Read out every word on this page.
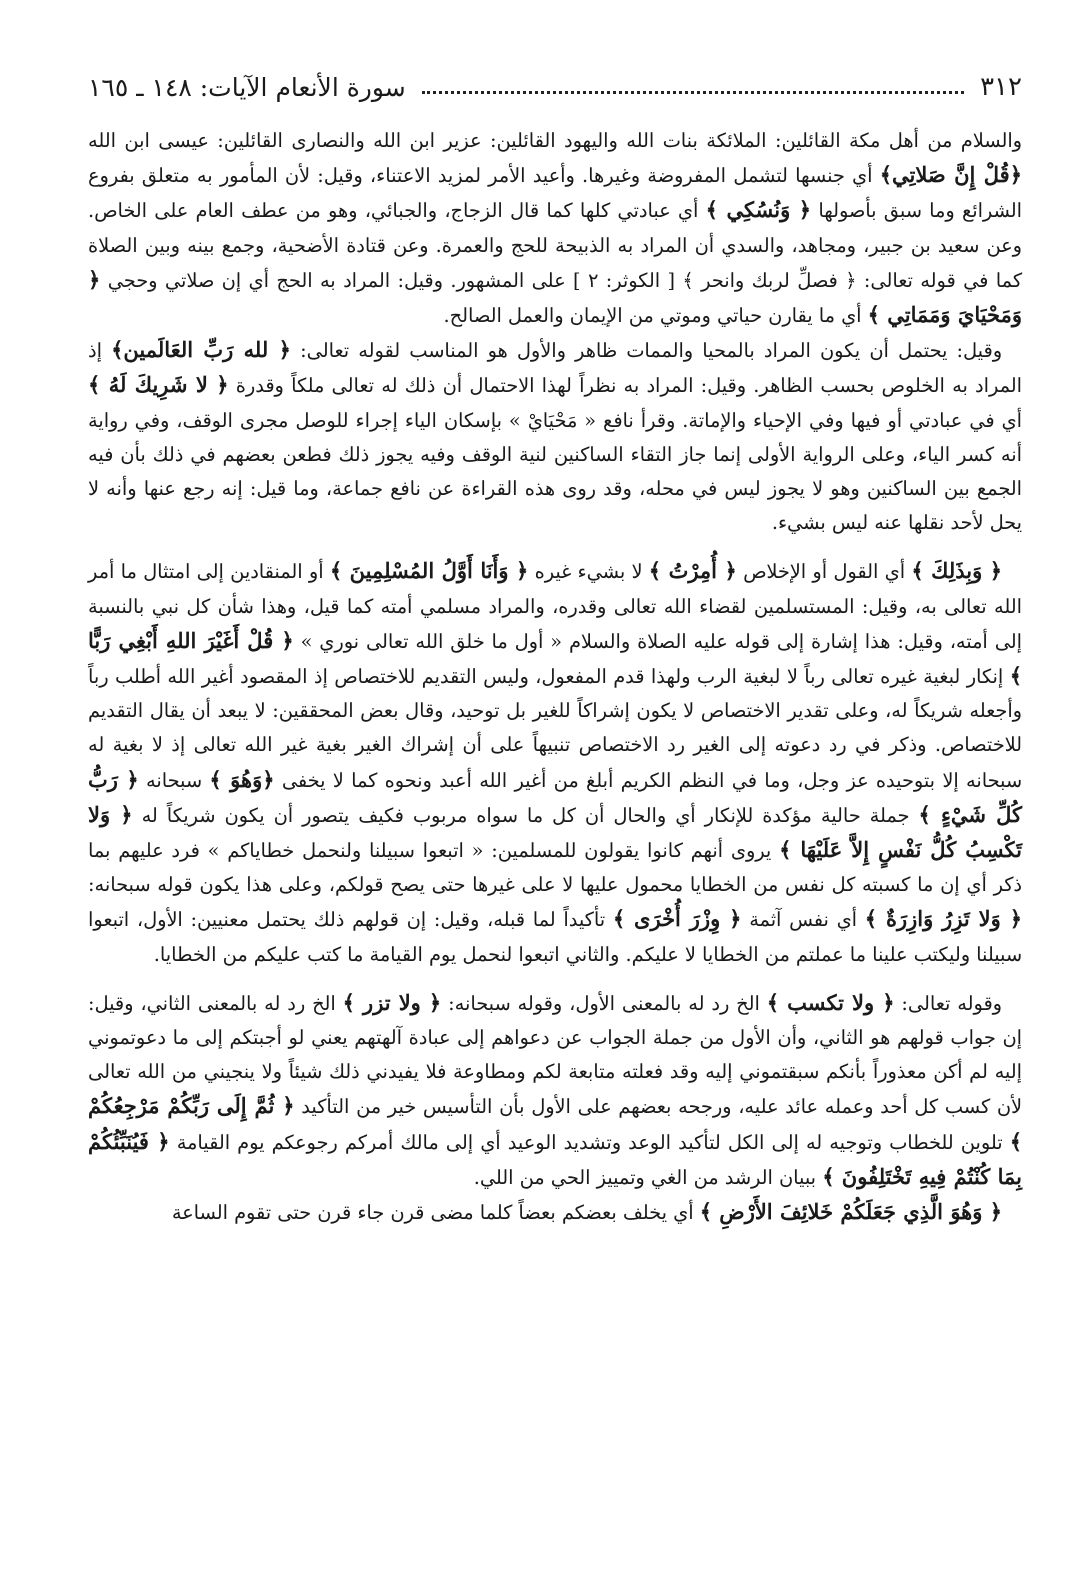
٣١٢
سورة الأنعام الآيات: ١٤٨ ـ ١٦٥

والسلام من أهل مكة القائلين: الملائكة بنات الله واليهود القائلين: عزير ابن الله والنصارى القائلين: عيسى ابن الله ﴿قُلْ إِنَّ صَلاتِي﴾ أي جنسها لتشمل المفروضة وغيرها. وأعيد الأمر لمزيد الاعتناء، وقيل: لأن المأمور به متعلق بفروع الشرائع وما سبق بأصولها ﴿ وَنُسُكِي ﴾ أي عبادتي كلها كما قال الزجاج، والجبائي، وهو من عطف العام على الخاص. وعن سعيد بن جبير، ومجاهد، والسدي أن المراد به الذبيحة للحج والعمرة. وعن قتادة الأضحية، وجمع بينه وبين الصلاة كما في قوله تعالى: ﴿ فصلِّ لربك وانحر ﴾ [ الكوثر: ٢ ] على المشهور. وقيل: المراد به الحج أي إن صلاتي وحجي ﴿ وَمَحْيَايَ وَمَمَاتِي ﴾ أي ما يقارن حياتي وموتي من الإيمان والعمل الصالح.

وقيل: يحتمل أن يكون المراد بالمحيا والممات ظاهر والأول هو المناسب لقوله تعالى: ﴿ لله رَبِّ العَالَمين﴾ إذ المراد به الخلوص بحسب الظاهر. وقيل: المراد به نظراً لهذا الاحتمال أن ذلك له تعالى ملكاً وقدرة ﴿ لا شَرِيكَ لَهُ ﴾ أي في عبادتي أو فيها وفي الإحياء والإماتة. وقرأ نافع « مَحْيَايْ » بإسكان الياء إجراء للوصل مجرى الوقف، وفي رواية أنه كسر الياء، وعلى الرواية الأولى إنما جاز التقاء الساكنين لنية الوقف وفيه يجوز ذلك فطعن بعضهم في ذلك بأن فيه الجمع بين الساكنين وهو لا يجوز ليس في محله، وقد روى هذه القراءة عن نافع جماعة، وما قيل: إنه رجع عنها وأنه لا يحل لأحد نقلها عنه ليس بشيء.

﴿ وَبِذَلِكَ ﴾ أي القول أو الإخلاص ﴿ أُمِرْتُ ﴾ لا بشيء غيره ﴿ وَأَنَا أَوَّلُ المُسْلِمِينَ ﴾ أو المنقادين إلى امتثال ما أمر الله تعالى به، وقيل: المستسلمين لقضاء الله تعالى وقدره، والمراد مسلمي أمته كما قيل، وهذا شأن كل نبي بالنسبة إلى أمته، وقيل: هذا إشارة إلى قوله عليه الصلاة والسلام « أول ما خلق الله تعالى نوري » ﴿ قُلْ أَغَيْرَ اللهِ أَبْغِي رَبًّا ﴾ إنكار لبغية غيره تعالى رباً لا لبغية الرب ولهذا قدم المفعول، وليس التقديم للاختصاص إذ المقصود أغير الله أطلب رباً وأجعله شريكاً له، وعلى تقدير الاختصاص لا يكون إشراكاً للغير بل توحيد، وقال بعض المحققين: لا يبعد أن يقال التقديم للاختصاص. وذكر في رد دعوته إلى الغير رد الاختصاص تنبيهاً على أن إشراك الغير بغية غير الله تعالى إذ لا بغية له سبحانه إلا بتوحيده عز وجل، وما في النظم الكريم أبلغ من أغير الله أعبد ونحوه كما لا يخفى ﴿وَهُوَ ﴾ سبحانه ﴿ رَبُّ كُلِّ شَيْءٍ ﴾ جملة حالية مؤكدة للإنكار أي والحال أن كل ما سواه مربوب فكيف يتصور أن يكون شريكاً له ﴿ وَلا تَكْسِبُ كُلُّ نَفْسٍ إِلاَّ عَلَيْهَا ﴾ يروى أنهم كانوا يقولون للمسلمين: « اتبعوا سبيلنا ولنحمل خطاياكم » فرد عليهم بما ذكر أي إن ما كسبته كل نفس من الخطايا محمول عليها لا على غيرها حتى يصح قولكم، وعلى هذا يكون قوله سبحانه: ﴿ وَلا تَزِرُ وَازِرَةٌ ﴾ أي نفس آثمة ﴿ وِزْرَ أُخْرَى ﴾ تأكيداً لما قبله، وقيل: إن قولهم ذلك يحتمل معنيين: الأول، اتبعوا سبيلنا وليكتب علينا ما عملتم من الخطايا لا عليكم. والثاني اتبعوا لنحمل يوم القيامة ما كتب عليكم من الخطايا.

وقوله تعالى: ﴿ ولا تكسب ﴾ الخ رد له بالمعنى الأول، وقوله سبحانه: ﴿ ولا تزر ﴾ الخ رد له بالمعنى الثاني، وقيل: إن جواب قولهم هو الثاني، وأن الأول من جملة الجواب عن دعواهم إلى عبادة آلهتهم يعني لو أجبتكم إلى ما دعوتموني إليه لم أكن معذوراً بأنكم سبقتموني إليه وقد فعلته متابعة لكم ومطاوعة فلا يفيدني ذلك شيئاً ولا ينجيني من الله تعالى لأن كسب كل أحد وعمله عائد عليه، ورجحه بعضهم على الأول بأن التأسيس خير من التأكيد ﴿ ثُمَّ إِلَى رَبِّكُمْ مَرْجِعُكُمْ ﴾ تلوين للخطاب وتوجيه له إلى الكل لتأكيد الوعد وتشديد الوعيد أي إلى مالك أمركم رجوعكم يوم القيامة ﴿ فَيُنَبِّئُكُمْ بِمَا كُنْتُمْ فِيهِ تَخْتَلِفُونَ ﴾ ببيان الرشد من الغي وتمييز الحي من اللي.

﴿ وَهُوَ الَّذِي جَعَلَكُمْ خَلائِفَ الأَرْضِ ﴾ أي يخلف بعضكم بعضاً كلما مضى قرن جاء قرن حتى تقوم الساعة
